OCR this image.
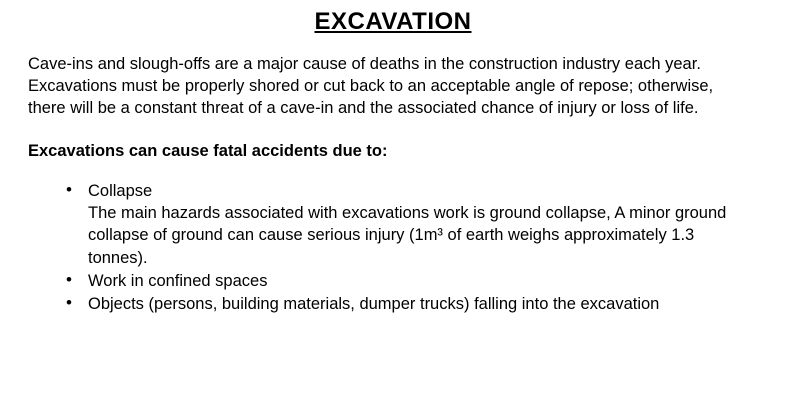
EXCAVATION

Cave-ins and slough-offs are a major cause of deaths in the construction industry each year.

Excavations must be properly shored or cut back to an acceptable angle of repose; otherwise,

there will be a constant threat of a cave-in and the associated chance of injury or loss of life.

Excavations can cause fatal accidents due to:
• Collapse
The main hazards associated with excavations work is ground collapse, A minor ground collapse of ground can cause serious injury (1m³ of earth weighs approximately 1.3 tonnes).
• Work in confined spaces
• Objects (persons, building materials, dumper trucks) falling into the excavation
